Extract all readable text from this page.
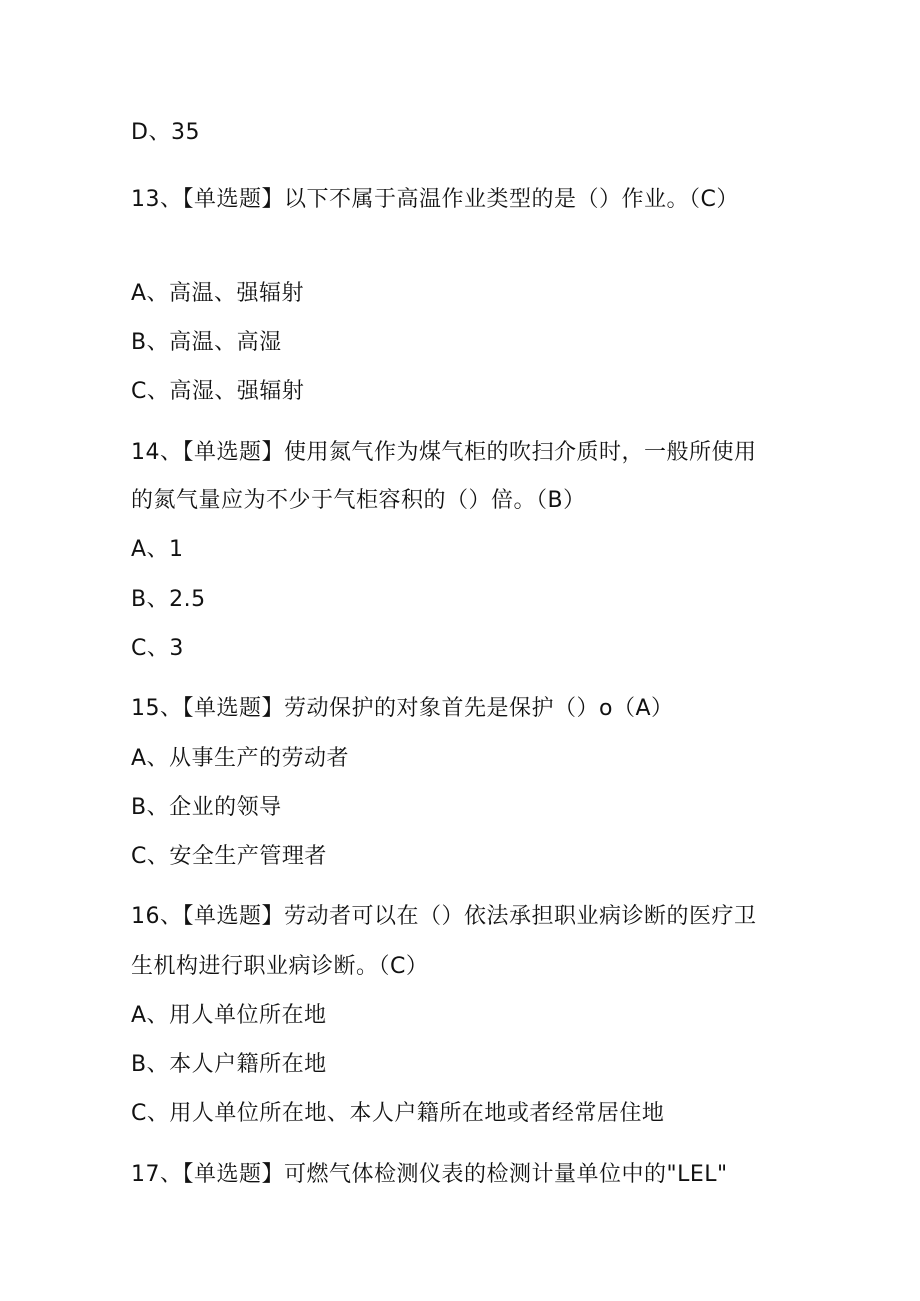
D、35
13、【单选题】以下不属于高温作业类型的是（）作业。（C）
A、高温、强辐射
B、高温、高湿
C、高湿、强辐射
14、【单选题】使用氮气作为煤气柜的吹扫介质时，一般所使用
的氮气量应为不少于气柜容积的（）倍。（B）
A、1
B、2.5
C、3
15、【单选题】劳动保护的对象首先是保护（）o（A）
A、从事生产的劳动者
B、企业的领导
C、安全生产管理者
16、【单选题】劳动者可以在（）依法承担职业病诊断的医疗卫
生机构进行职业病诊断。（C）
A、用人单位所在地
B、本人户籍所在地
C、用人单位所在地、本人户籍所在地或者经常居住地
17、【单选题】可燃气体检测仪表的检测计量单位中的"LEL"
